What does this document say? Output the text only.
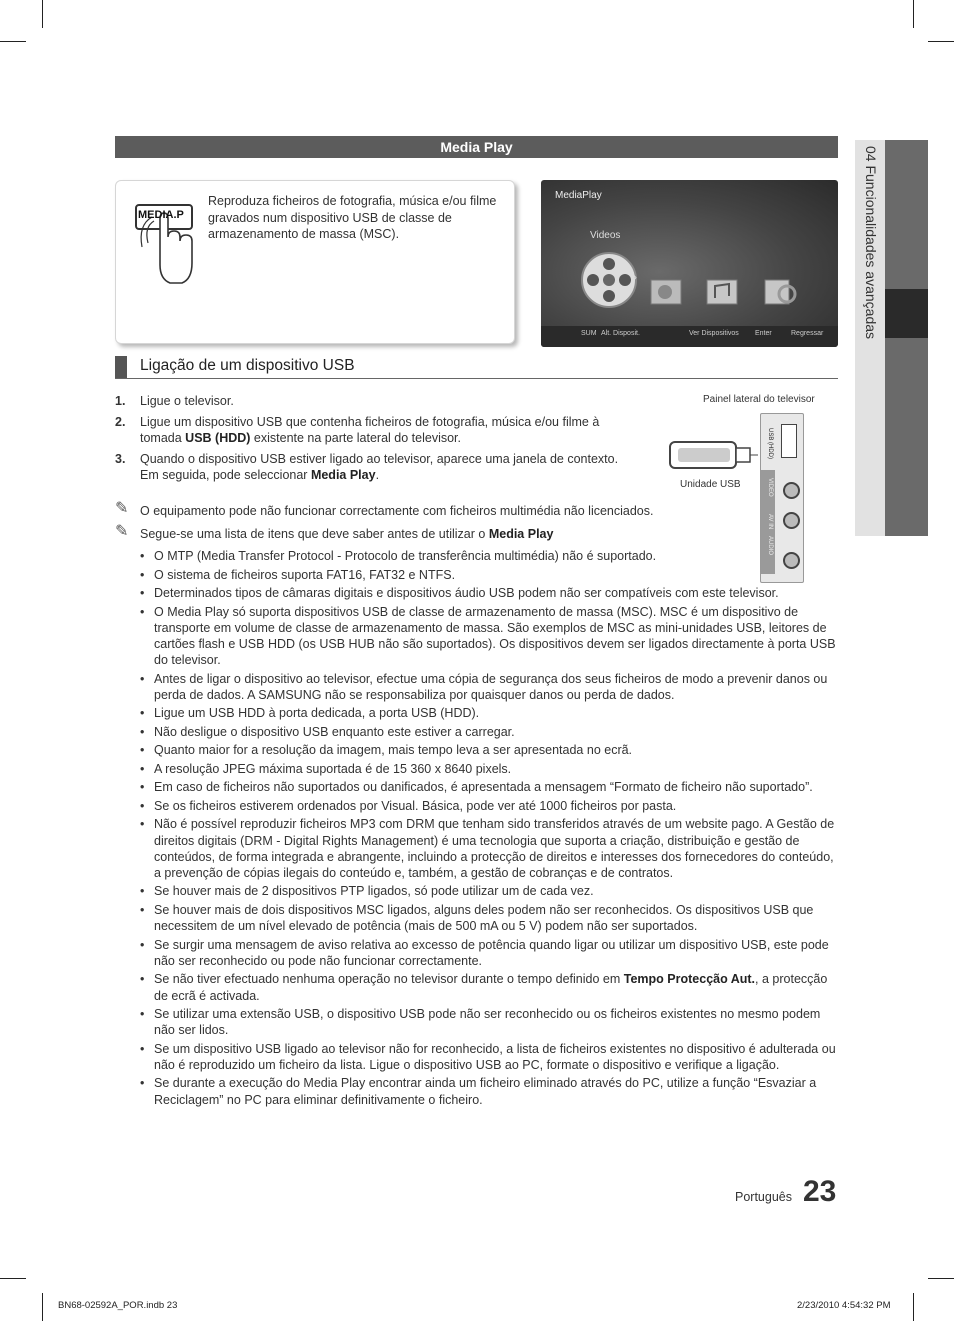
04 Funcionalidades avançadas
Media Play
MEDIA.P
Reproduza ficheiros de fotografia, música e/ou filme gravados num dispositivo USB de classe de armazenamento de massa (MSC).
MediaPlay
Videos
›
SUM Alt. Disposit.	Ver Dispositivos Enter	Regressar
Ligação de um dispositivo USB
1. Ligue o televisor.
2. Ligue um dispositivo USB que contenha ficheiros de fotografia, música e/ou filme à tomada USB (HDD) existente na parte lateral do televisor.
3. Quando o dispositivo USB estiver ligado ao televisor, aparece uma janela de contexto. Em seguida, pode seleccionar Media Play.
Painel lateral do televisor
Unidade USB
USB (HDD)
VIDEO
AV IN
AUDIO
✎ O equipamento pode não funcionar correctamente com ficheiros multimédia não licenciados.
✎ Segue-se uma lista de itens que deve saber antes de utilizar o Media Play
• O MTP (Media Transfer Protocol - Protocolo de transferência multimédia) não é suportado.
• O sistema de ficheiros suporta FAT16, FAT32 e NTFS.
• Determinados tipos de câmaras digitais e dispositivos áudio USB podem não ser compatíveis com este televisor.
• O Media Play só suporta dispositivos USB de classe de armazenamento de massa (MSC). MSC é um dispositivo de transporte em volume de classe de armazenamento de massa. São exemplos de MSC as mini-unidades USB, leitores de cartões flash e USB HDD (os USB HUB não são suportados). Os dispositivos devem ser ligados directamente à porta USB do televisor.
• Antes de ligar o dispositivo ao televisor, efectue uma cópia de segurança dos seus ficheiros de modo a prevenir danos ou perda de dados. A SAMSUNG não se responsabiliza por quaisquer danos ou perda de dados.
• Ligue um USB HDD à porta dedicada, a porta USB (HDD).
• Não desligue o dispositivo USB enquanto este estiver a carregar.
• Quanto maior for a resolução da imagem, mais tempo leva a ser apresentada no ecrã.
• A resolução JPEG máxima suportada é de 15 360 x 8640 pixels.
• Em caso de ficheiros não suportados ou danificados, é apresentada a mensagem “Formato de ficheiro não suportado”.
• Se os ficheiros estiverem ordenados por Visual. Básica, pode ver até 1000 ficheiros por pasta.
• Não é possível reproduzir ficheiros MP3 com DRM que tenham sido transferidos através de um website pago. A Gestão de direitos digitais (DRM - Digital Rights Management) é uma tecnologia que suporta a criação, distribuição e gestão de conteúdos, de forma integrada e abrangente, incluindo a protecção de direitos e interesses dos fornecedores do conteúdo, a prevenção de cópias ilegais do conteúdo e, também, a gestão de cobranças e de contratos.
• Se houver mais de 2 dispositivos PTP ligados, só pode utilizar um de cada vez.
• Se houver mais de dois dispositivos MSC ligados, alguns deles podem não ser reconhecidos. Os dispositivos USB que necessitem de um nível elevado de potência (mais de 500 mA ou 5 V) podem não ser suportados.
• Se surgir uma mensagem de aviso relativa ao excesso de potência quando ligar ou utilizar um dispositivo USB, este pode não ser reconhecido ou pode não funcionar correctamente.
• Se não tiver efectuado nenhuma operação no televisor durante o tempo definido em Tempo Protecção Aut., a protecção de ecrã é activada.
• Se utilizar uma extensão USB, o dispositivo USB pode não ser reconhecido ou os ficheiros existentes no mesmo podem não ser lidos.
• Se um dispositivo USB ligado ao televisor não for reconhecido, a lista de ficheiros existentes no dispositivo é adulterada ou não é reproduzido um ficheiro da lista. Ligue o dispositivo USB ao PC, formate o dispositivo e verifique a ligação.
• Se durante a execução do Media Play encontrar ainda um ficheiro eliminado através do PC, utilize a função “Esvaziar a Reciclagem” no PC para eliminar definitivamente o ficheiro.
Português 23
BN68-02592A_POR.indb 23	2/23/2010 4:54:32 PM
